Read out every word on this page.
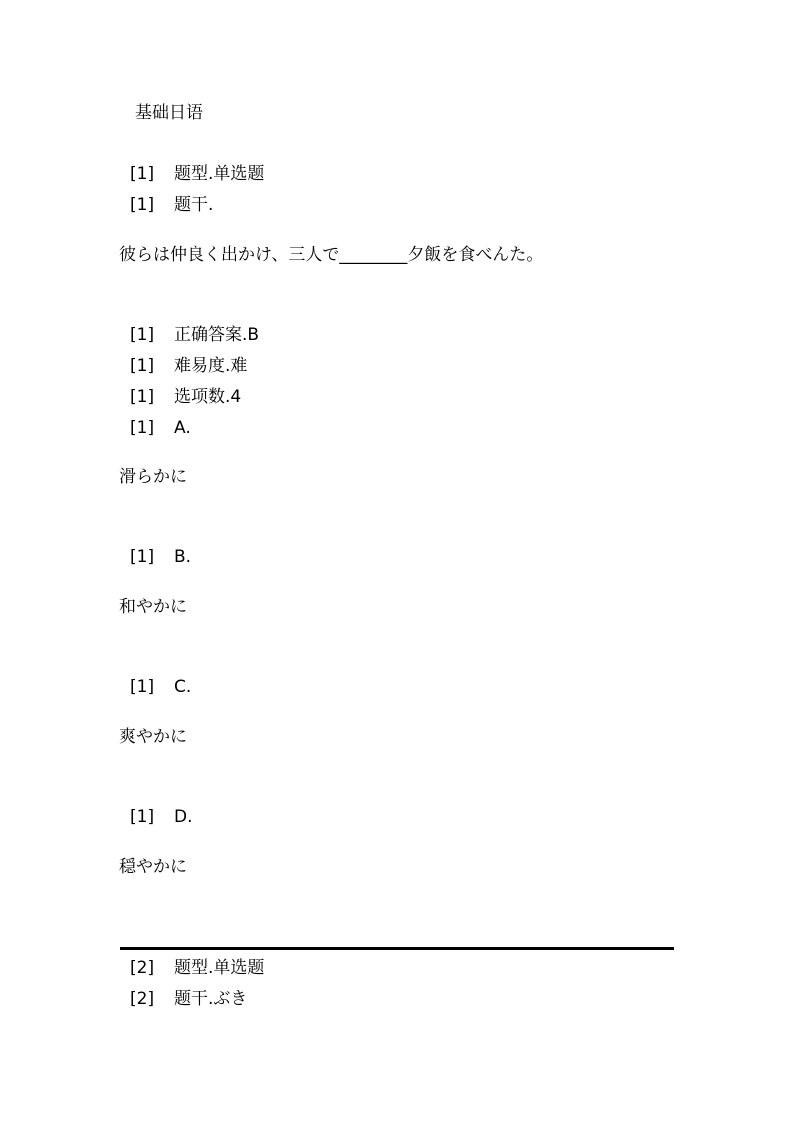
基础日语
[1] 题型.单选题
[1] 题干.
彼らは仲良く出かけ、三人で________夕飯を食べんた。
[1] 正确答案.B
[1] 难易度.难
[1] 选项数.4
[1] A.
滑らかに
[1] B.
和やかに
[1] C.
爽やかに
[1] D.
穏やかに
[2] 题型.单选题
[2] 题干.ぶき
